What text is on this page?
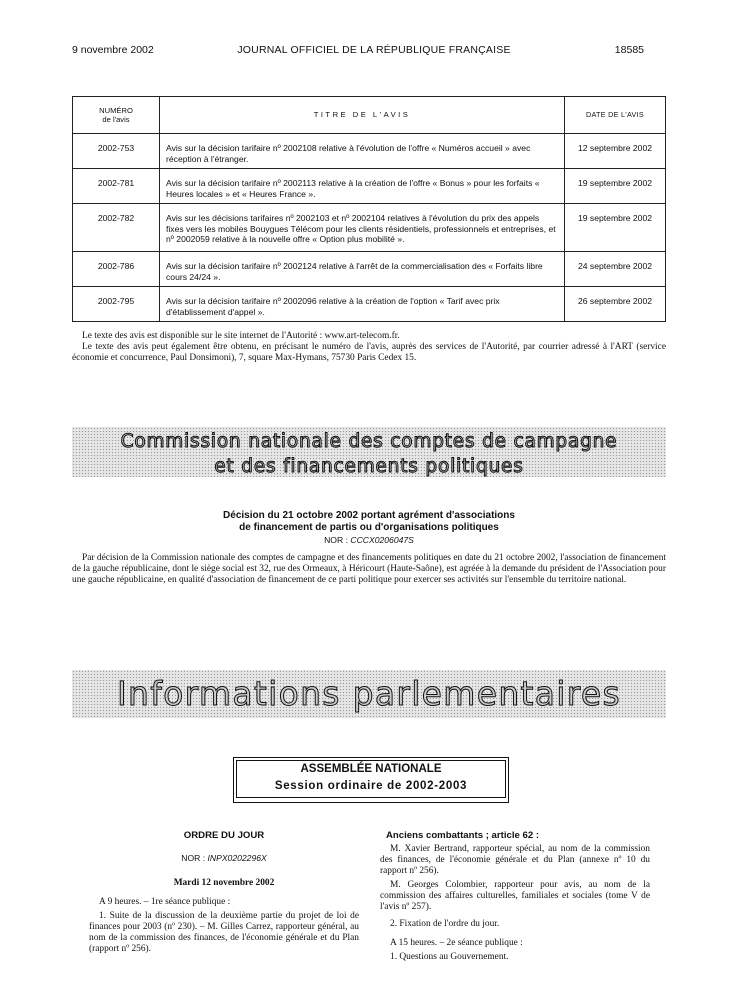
9 novembre 2002	JOURNAL OFFICIEL DE LA RÉPUBLIQUE FRANÇAISE	18585
NUMÉRO
de l'avis	TITRE DE L'AVIS	DATE DE L'AVIS
2002-753	Avis sur la décision tarifaire nº 2002108 relative à l'évolution de l'offre « Numéros accueil » avec réception à l'étranger.	12 septembre 2002
2002-781	Avis sur la décision tarifaire nº 2002113 relative à la création de l'offre « Bonus » pour les forfaits « Heures locales » et « Heures France ».	19 septembre 2002
2002-782	Avis sur les décisions tarifaires nº 2002103 et nº 2002104 relatives à l'évolution du prix des appels fixes vers les mobiles Bouygues Télécom pour les clients résidentiels, professionnels et entreprises, et nº 2002059 relative à la nouvelle offre « Option plus mobilité ».	19 septembre 2002
2002-786	Avis sur la décision tarifaire nº 2002124 relative à l'arrêt de la commercialisation des « Forfaits libre cours 24/24 ».	24 septembre 2002
2002-795	Avis sur la décision tarifaire nº 2002096 relative à la création de l'option « Tarif avec prix d'établissement d'appel ».	26 septembre 2002
Le texte des avis est disponible sur le site internet de l'Autorité : www.art-telecom.fr.
Le texte des avis peut également être obtenu, en précisant le numéro de l'avis, auprès des services de l'Autorité, par courrier adressé à l'ART (service économie et concurrence, Paul Donsimoni), 7, square Max-Hymans, 75730 Paris Cedex 15.
Commission nationale des comptes de campagne
et des financements politiques
Décision du 21 octobre 2002 portant agrément d'associations
de financement de partis ou d'organisations politiques
NOR : CCCX0206047S
Par décision de la Commission nationale des comptes de campagne et des financements politiques en date du 21 octobre 2002, l'association de financement de la gauche républicaine, dont le siège social est 32, rue des Ormeaux, à Héricourt (Haute-Saône), est agréée à la demande du président de l'Association pour une gauche républicaine, en qualité d'association de financement de ce parti politique pour exercer ses activités sur l'ensemble du territoire national.
Informations parlementaires
ASSEMBLÉE NATIONALE
Session ordinaire de 2002-2003

ORDRE DU JOUR

NOR : INPX0202296X

Mardi 12 novembre 2002

A 9 heures. – 1re séance publique :

1. Suite de la discussion de la deuxième partie du projet de loi de finances pour 2003 (nº 230). – M. Gilles Carrez, rapporteur général, au nom de la commission des finances, de l'économie générale et du Plan (rapport nº 256).

Anciens combattants ; article 62 :

M. Xavier Bertrand, rapporteur spécial, au nom de la commission des finances, de l'économie générale et du Plan (annexe nº 10 du rapport nº 256).

M. Georges Colombier, rapporteur pour avis, au nom de la commission des affaires culturelles, familiales et sociales (tome V de l'avis nº 257).

2. Fixation de l'ordre du jour.

A 15 heures. – 2e séance publique :

1. Questions au Gouvernement.
